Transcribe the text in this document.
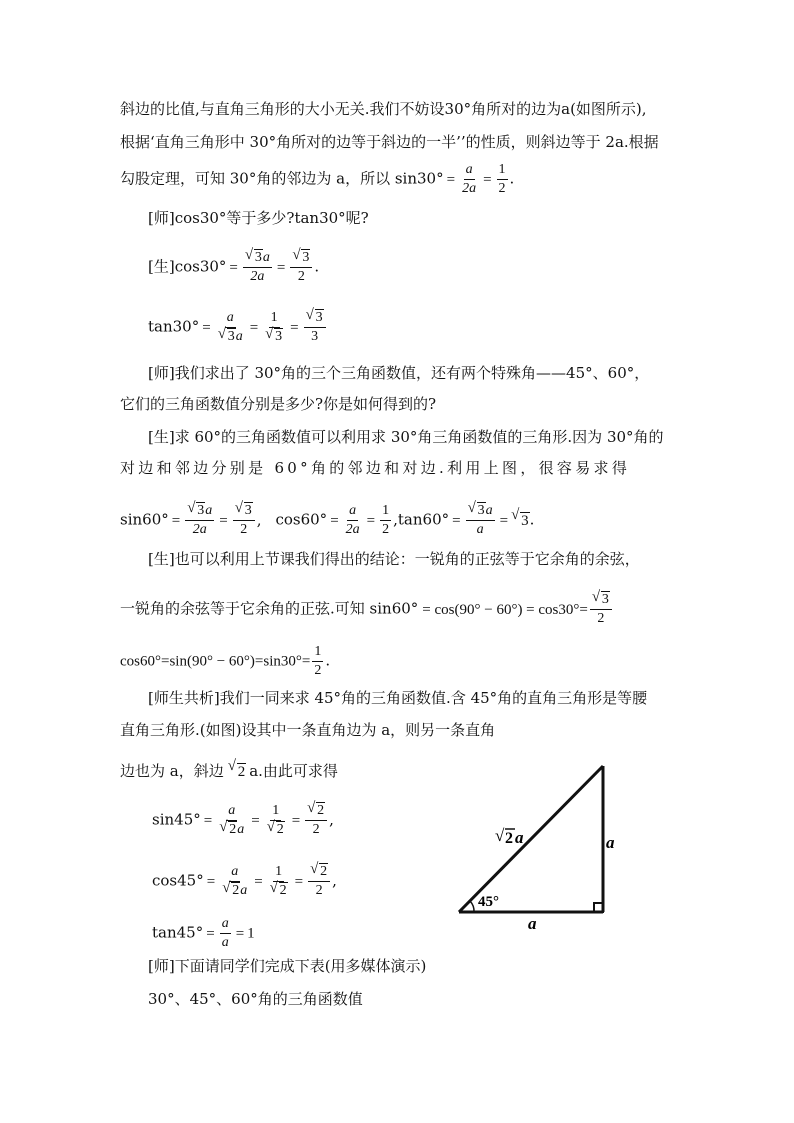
斜边的比值,与直角三角形的大小无关.我们不妨设30°角所对的边为a(如图所示),
根据‘直角三角形中 30°角所对的边等于斜边的一半’’的性质，则斜边等于 2a.根据
勾股定理，可知 30°角的邻边为 a，所以 $\sin 30^\circ = \frac{a}{2a} = \frac{1}{2}$ .
[师]cos30°等于多少?tan30°呢?
[生]$\cos 30^\circ = \frac{√ 3a}{2a} = \frac{√ 3}{2}$ .
$\tan 30^\circ = \frac{a}{√ 3a} = \frac{1}{√ 3} = \frac{√ 3}{3}$
[师]我们求出了 30°角的三个三角函数值，还有两个特殊角——45°、60°，
它们的三角函数值分别是多少?你是如何得到的?
[生]求 60°的三角函数值可以利用求 30°角三角函数值的三角形.因为 30°角的
对边和邻边分别是 60°角的邻边和对边.利用上图，很容易求得
$\sin 60^\circ = \frac{√ 3a}{2a} = \frac{√ 3}{2}$ , $\cos 60^\circ = \frac{a}{2a} = \frac{1}{2} ,\tan 60^\circ = \frac{√ 3a}{a}$ = √ 3.
[生]也可以利用上节课我们得出的结论：一锐角的正弦等于它余角的余弦，
一锐角的余弦等于它余角的正弦.可知 $\sin 60^\circ = \cos(90^\circ - 60^\circ) = \cos 30^\circ= \frac{√ 3}{2}$
$\cos 60^\circ=\sin(90^\circ - 60^\circ)=\sin 30^\circ= \frac{1}{2}$ .
[师生共析]我们一同来求 45°角的三角函数值.含 45°角的直角三角形是等腰
直角三角形.(如图)设其中一条直角边为 a，则另一条直角
边也为 a，斜边 √ 2 a.由此可求得
$\sin 45^\circ = \frac{a}{√ 2a} = \frac{1}{√ 2} = \frac{√ 2}{2}$ ,
$\cos 45^\circ = \frac{a}{√ 2a} = \frac{1}{√ 2} = \frac{√ 2}{2}$ ,
$\tan 45^\circ = \frac{a}{a} = 1$
[师]下面请同学们完成下表(用多媒体演示)
30°、45°、60°角的三角函数值
45°
a
a
√ 2 a
